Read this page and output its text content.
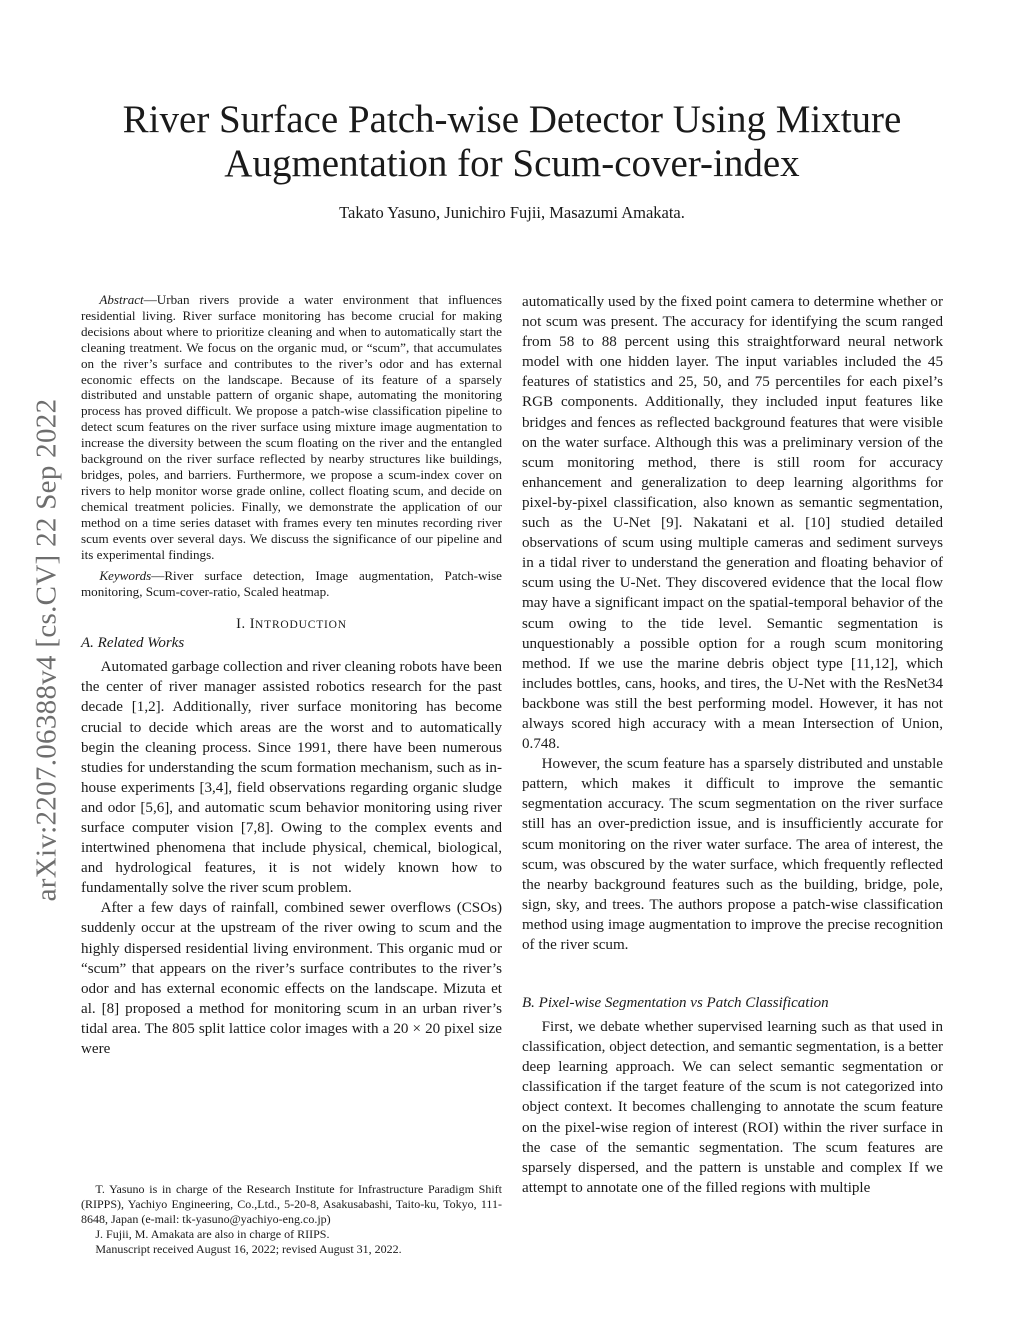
arXiv:2207.06388v4 [cs.CV] 22 Sep 2022
River Surface Patch-wise Detector Using Mixture
Augmentation for Scum-cover-index

Takato Yasuno, Junichiro Fujii, Masazumi Amakata.

Abstract—Urban rivers provide a water environment that influences residential living. River surface monitoring has become crucial for making decisions about where to prioritize cleaning and when to automatically start the cleaning treatment. We focus on the organic mud, or “scum”, that accumulates on the river’s surface and contributes to the river’s odor and has external economic effects on the landscape. Because of its feature of a sparsely distributed and unstable pattern of organic shape, automating the monitoring process has proved difficult. We propose a patch-wise classification pipeline to detect scum features on the river surface using mixture image augmentation to increase the diversity between the scum floating on the river and the entangled background on the river surface reflected by nearby structures like buildings, bridges, poles, and barriers. Furthermore, we propose a scum-index cover on rivers to help monitor worse grade online, collect floating scum, and decide on chemical treatment policies. Finally, we demonstrate the application of our method on a time series dataset with frames every ten minutes recording river scum events over several days. We discuss the significance of our pipeline and its experimental findings.

Keywords—River surface detection, Image augmentation, Patch-wise monitoring, Scum-cover-ratio, Scaled heatmap.

I. INTRODUCTION
A. Related Works

Automated garbage collection and river cleaning robots have been the center of river manager assisted robotics research for the past decade [1,2]. Additionally, river surface monitoring has become crucial to decide which areas are the worst and to automatically begin the cleaning process. Since 1991, there have been numerous studies for understanding the scum formation mechanism, such as in-house experiments [3,4], field observations regarding organic sludge and odor [5,6], and automatic scum behavior monitoring using river surface computer vision [7,8]. Owing to the complex events and intertwined phenomena that include physical, chemical, biological, and hydrological features, it is not widely known how to fundamentally solve the river scum problem.

After a few days of rainfall, combined sewer overflows (CSOs) suddenly occur at the upstream of the river owing to scum and the highly dispersed residential living environment. This organic mud or “scum” that appears on the river’s surface contributes to the river’s odor and has external economic effects on the landscape. Mizuta et al. [8] proposed a method for monitoring scum in an urban river’s tidal area. The 805 split lattice color images with a 20 × 20 pixel size were

T. Yasuno is in charge of the Research Institute for Infrastructure Paradigm Shift (RIPPS), Yachiyo Engineering, Co.,Ltd., 5-20-8, Asakusabashi, Taito-ku, Tokyo, 111-8648, Japan (e-mail: tk-yasuno@yachiyo-eng.co.jp)

J. Fujii, M. Amakata are also in charge of RIIPS.

Manuscript received August 16, 2022; revised August 31, 2022.

automatically used by the fixed point camera to determine whether or not scum was present. The accuracy for identifying the scum ranged from 58 to 88 percent using this straightforward neural network model with one hidden layer. The input variables included the 45 features of statistics and 25, 50, and 75 percentiles for each pixel’s RGB components. Additionally, they included input features like bridges and fences as reflected background features that were visible on the water surface. Although this was a preliminary version of the scum monitoring method, there is still room for accuracy enhancement and generalization to deep learning algorithms for pixel-by-pixel classification, also known as semantic segmentation, such as the U-Net [9]. Nakatani et al. [10] studied detailed observations of scum using multiple cameras and sediment surveys in a tidal river to understand the generation and floating behavior of scum using the U-Net. They discovered evidence that the local flow may have a significant impact on the spatial-temporal behavior of the scum owing to the tide level. Semantic segmentation is unquestionably a possible option for a rough scum monitoring method. If we use the marine debris object type [11,12], which includes bottles, cans, hooks, and tires, the U-Net with the ResNet34 backbone was still the best performing model. However, it has not always scored high accuracy with a mean Intersection of Union, 0.748.

However, the scum feature has a sparsely distributed and unstable pattern, which makes it difficult to improve the semantic segmentation accuracy. The scum segmentation on the river surface still has an over-prediction issue, and is insufficiently accurate for scum monitoring on the river water surface. The area of interest, the scum, was obscured by the water surface, which frequently reflected the nearby background features such as the building, bridge, pole, sign, sky, and trees. The authors propose a patch-wise classification method using image augmentation to improve the precise recognition of the river scum.

B. Pixel-wise Segmentation vs Patch Classification

First, we debate whether supervised learning such as that used in classification, object detection, and semantic segmentation, is a better deep learning approach. We can select semantic segmentation or classification if the target feature of the scum is not categorized into object context. It becomes challenging to annotate the scum feature on the pixel-wise region of interest (ROI) within the river surface in the case of the semantic segmentation. The scum features are sparsely dispersed, and the pattern is unstable and complex If we attempt to annotate one of the filled regions with multiple
